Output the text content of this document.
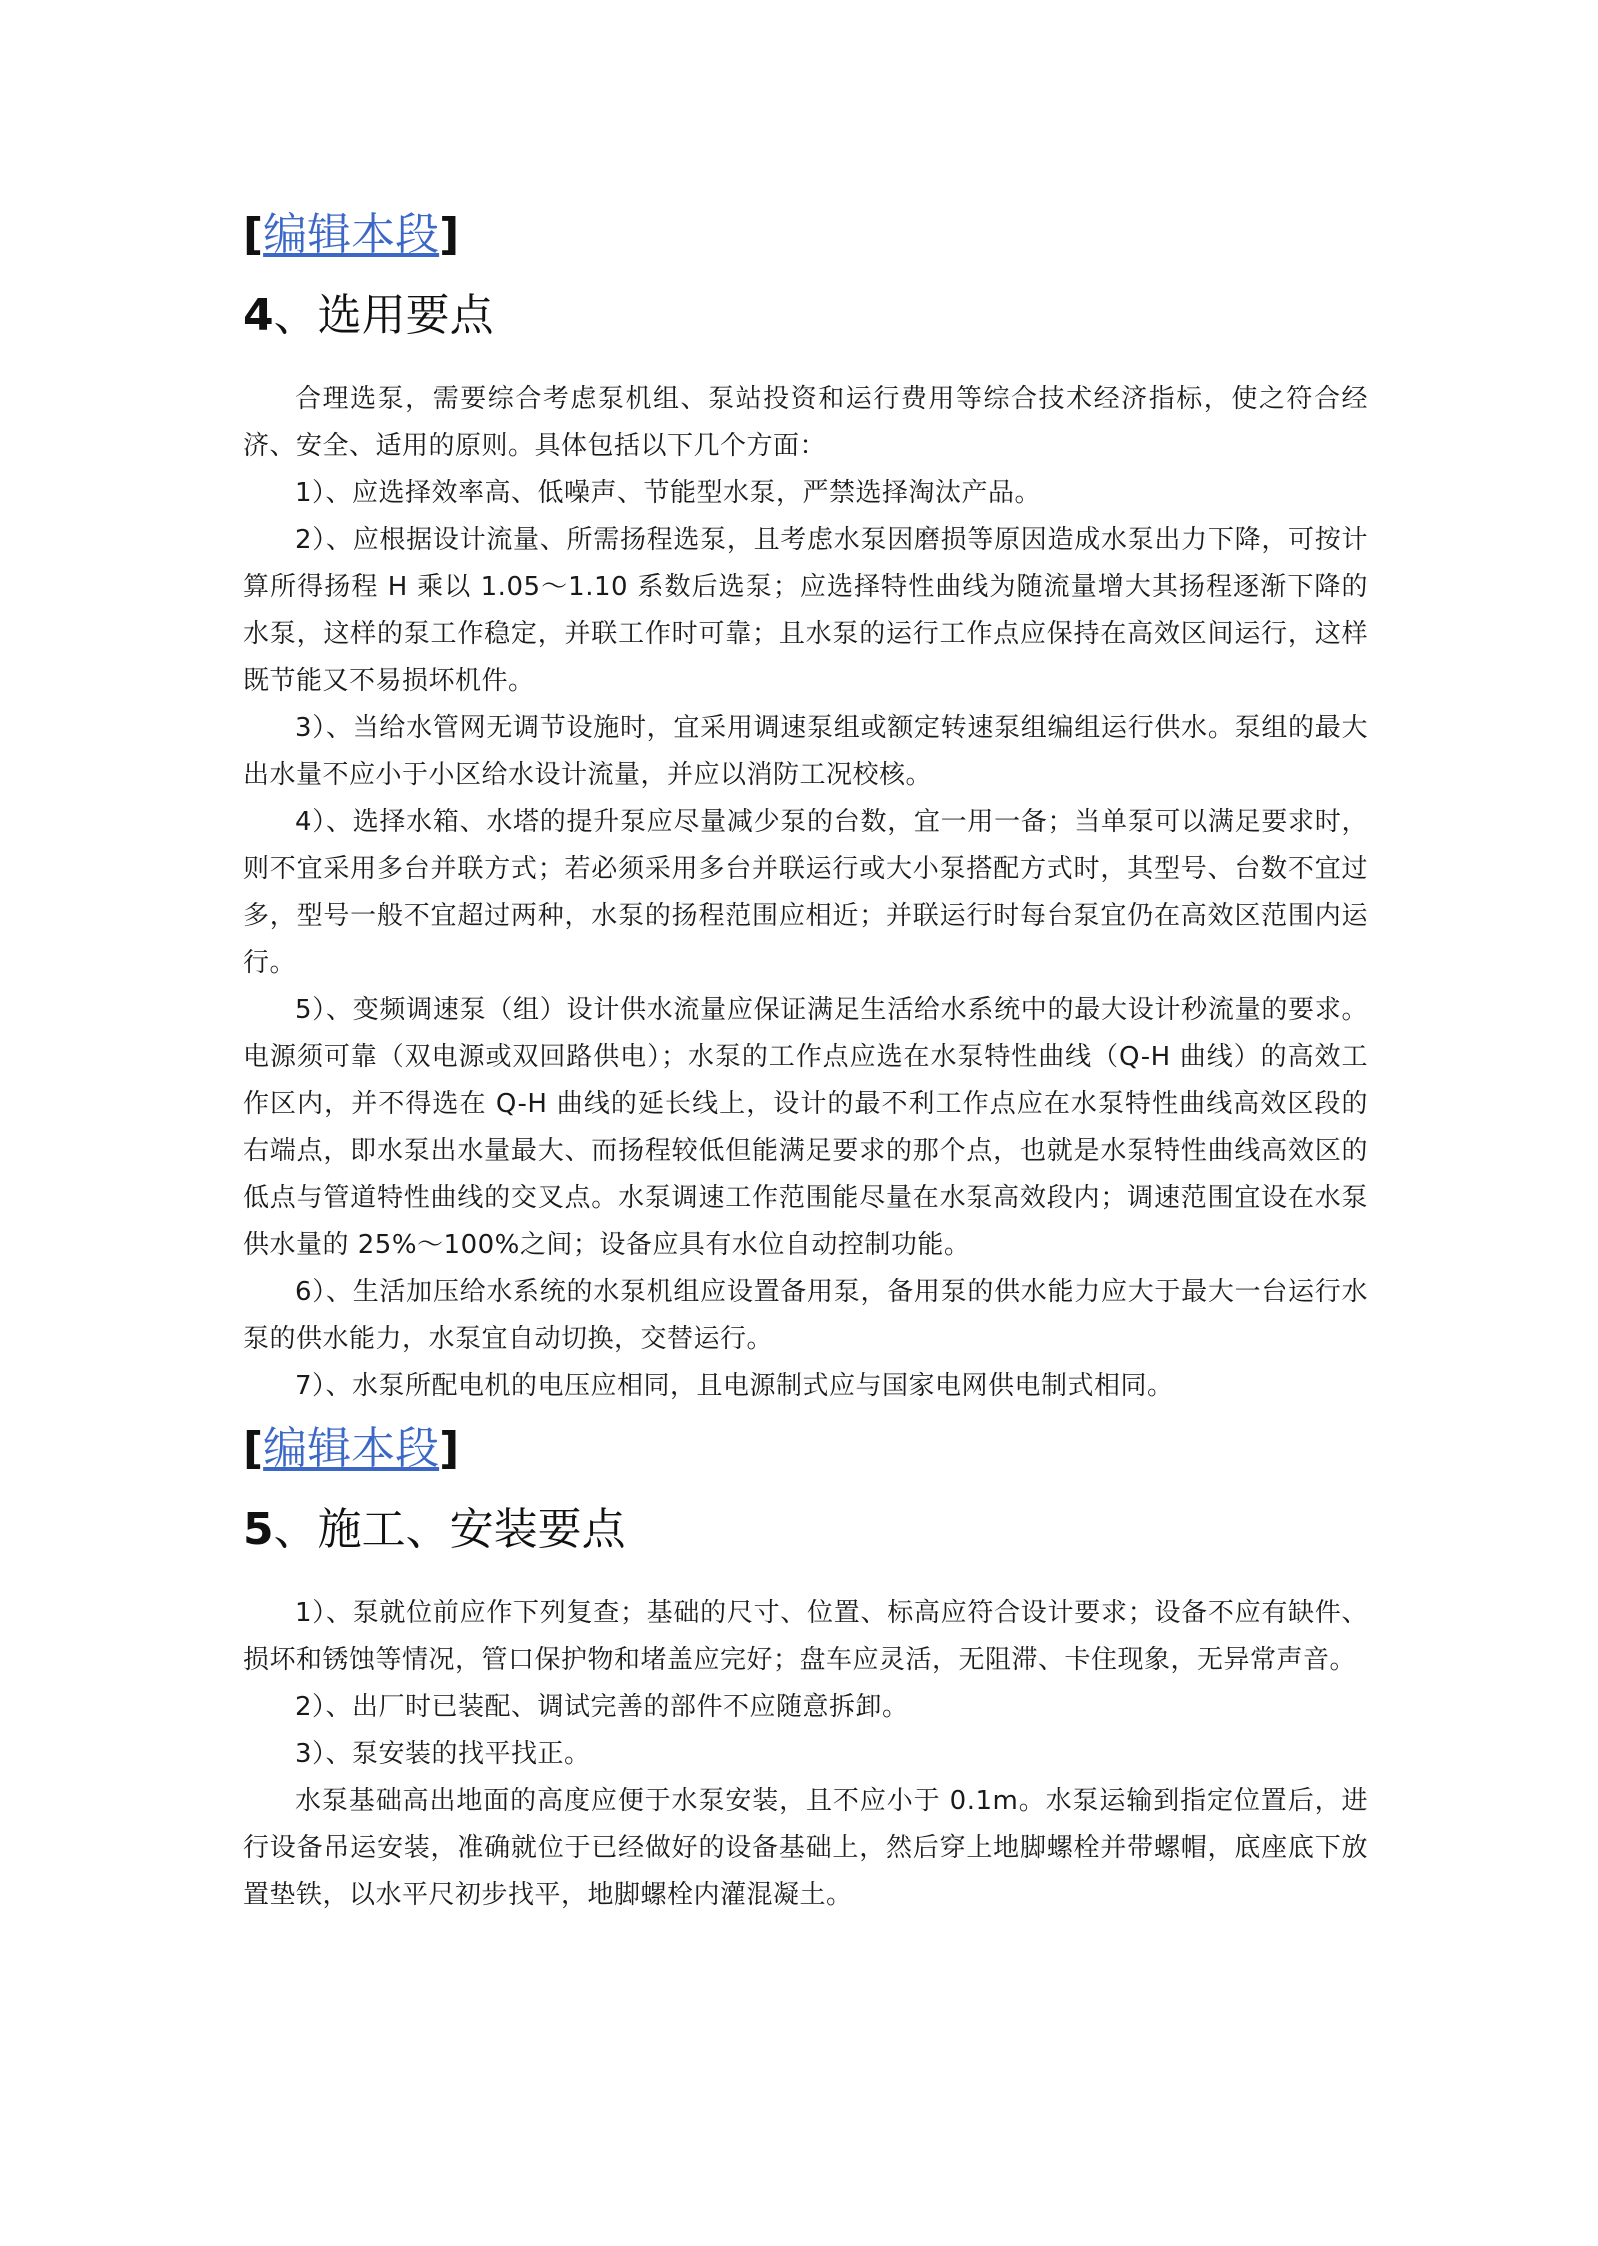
[编辑本段]
4、选用要点

合理选泵，需要综合考虑泵机组、泵站投资和运行费用等综合技术经济指标，使之符合经济、安全、适用的原则。具体包括以下几个方面：

1）、应选择效率高、低噪声、节能型水泵，严禁选择淘汰产品。

2）、应根据设计流量、所需扬程选泵，且考虑水泵因磨损等原因造成水泵出力下降，可按计算所得扬程 H 乘以 1.05～1.10 系数后选泵；应选择特性曲线为随流量增大其扬程逐渐下降的水泵，这样的泵工作稳定，并联工作时可靠；且水泵的运行工作点应保持在高效区间运行，这样既节能又不易损坏机件。

3）、当给水管网无调节设施时，宜采用调速泵组或额定转速泵组编组运行供水。泵组的最大出水量不应小于小区给水设计流量，并应以消防工况校核。

4）、选择水箱、水塔的提升泵应尽量减少泵的台数，宜一用一备；当单泵可以满足要求时，则不宜采用多台并联方式；若必须采用多台并联运行或大小泵搭配方式时，其型号、台数不宜过多，型号一般不宜超过两种，水泵的扬程范围应相近；并联运行时每台泵宜仍在高效区范围内运行。

5）、变频调速泵（组）设计供水流量应保证满足生活给水系统中的最大设计秒流量的要求。电源须可靠（双电源或双回路供电）；水泵的工作点应选在水泵特性曲线（Q-H 曲线）的高效工作区内，并不得选在 Q-H 曲线的延长线上，设计的最不利工作点应在水泵特性曲线高效区段的右端点，即水泵出水量最大、而扬程较低但能满足要求的那个点，也就是水泵特性曲线高效区的低点与管道特性曲线的交叉点。水泵调速工作范围能尽量在水泵高效段内；调速范围宜设在水泵供水量的 25%～100%之间；设备应具有水位自动控制功能。

6）、生活加压给水系统的水泵机组应设置备用泵，备用泵的供水能力应大于最大一台运行水泵的供水能力，水泵宜自动切换，交替运行。

7）、水泵所配电机的电压应相同，且电源制式应与国家电网供电制式相同。

[编辑本段]
5、施工、安装要点

1）、泵就位前应作下列复查；基础的尺寸、位置、标高应符合设计要求；设备不应有缺件、损坏和锈蚀等情况，管口保护物和堵盖应完好；盘车应灵活，无阻滞、卡住现象，无异常声音。

2）、出厂时已装配、调试完善的部件不应随意拆卸。

3）、泵安装的找平找正。

水泵基础高出地面的高度应便于水泵安装，且不应小于 0.1m。水泵运输到指定位置后，进行设备吊运安装，准确就位于已经做好的设备基础上，然后穿上地脚螺栓并带螺帽，底座底下放置垫铁，以水平尺初步找平，地脚螺栓内灌混凝土。
